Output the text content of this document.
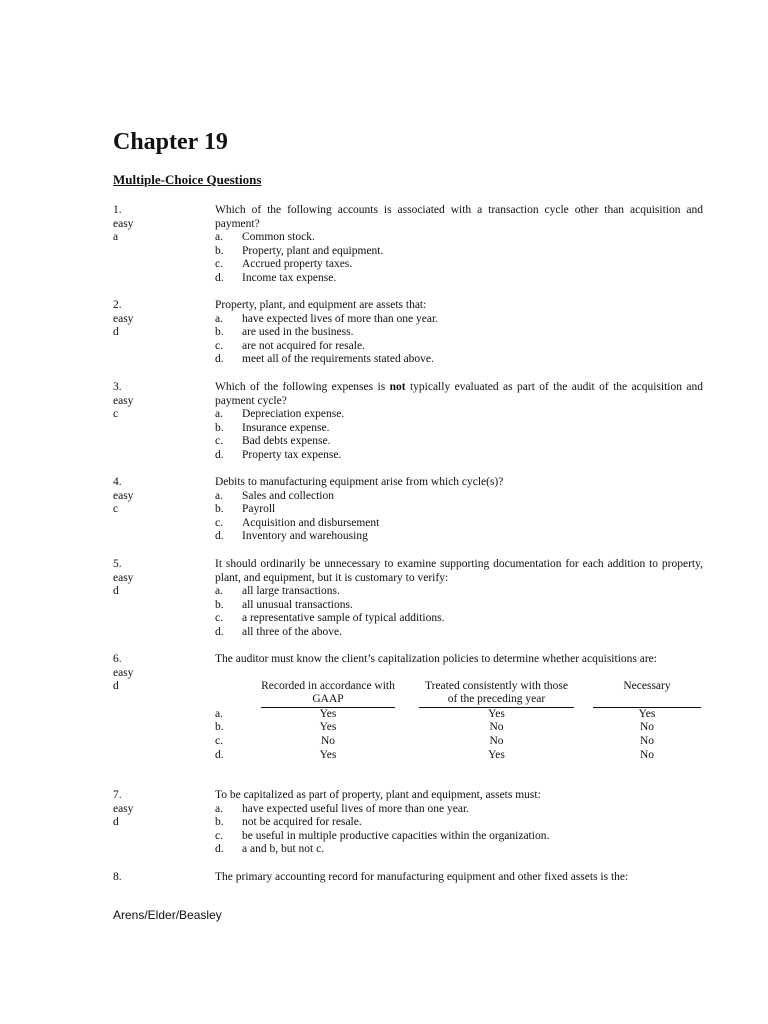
Chapter 19
Multiple-Choice Questions
1.
easy
a
Which of the following accounts is associated with a transaction cycle other than acquisition and payment?
a.	Common stock.
b.	Property, plant and equipment.
c.	Accrued property taxes.
d.	Income tax expense.
2.
easy
d
Property, plant, and equipment are assets that:
a.	have expected lives of more than one year.
b.	are used in the business.
c.	are not acquired for resale.
d.	meet all of the requirements stated above.
3.
easy
c
Which of the following expenses is not typically evaluated as part of the audit of the acquisition and payment cycle?
a.	Depreciation expense.
b.	Insurance expense.
c.	Bad debts expense.
d.	Property tax expense.
4.
easy
c
Debits to manufacturing equipment arise from which cycle(s)?
a.	Sales and collection
b.	Payroll
c.	Acquisition and disbursement
d.	Inventory and warehousing
5.
easy
d
It should ordinarily be unnecessary to examine supporting documentation for each addition to property, plant, and equipment, but it is customary to verify:
a.	all large transactions.
b.	all unusual transactions.
c.	a representative sample of typical additions.
d.	all three of the above.
6.
easy
d
The auditor must know the client’s capitalization policies to determine whether acquisitions are:
Recorded in accordance with GAAP
Treated consistently with those of the preceding year
Necessary
a.	Yes	Yes	Yes
b.	Yes	No	No
c.	No	No	No
d.	Yes	Yes	No
7.
easy
d
To be capitalized as part of property, plant and equipment, assets must:
a.	have expected useful lives of more than one year.
b.	not be acquired for resale.
c.	be useful in multiple productive capacities within the organization.
d.	a and b, but not c.
8.	The primary accounting record for manufacturing equipment and other fixed assets is the:

Arens/Elder/Beasley
